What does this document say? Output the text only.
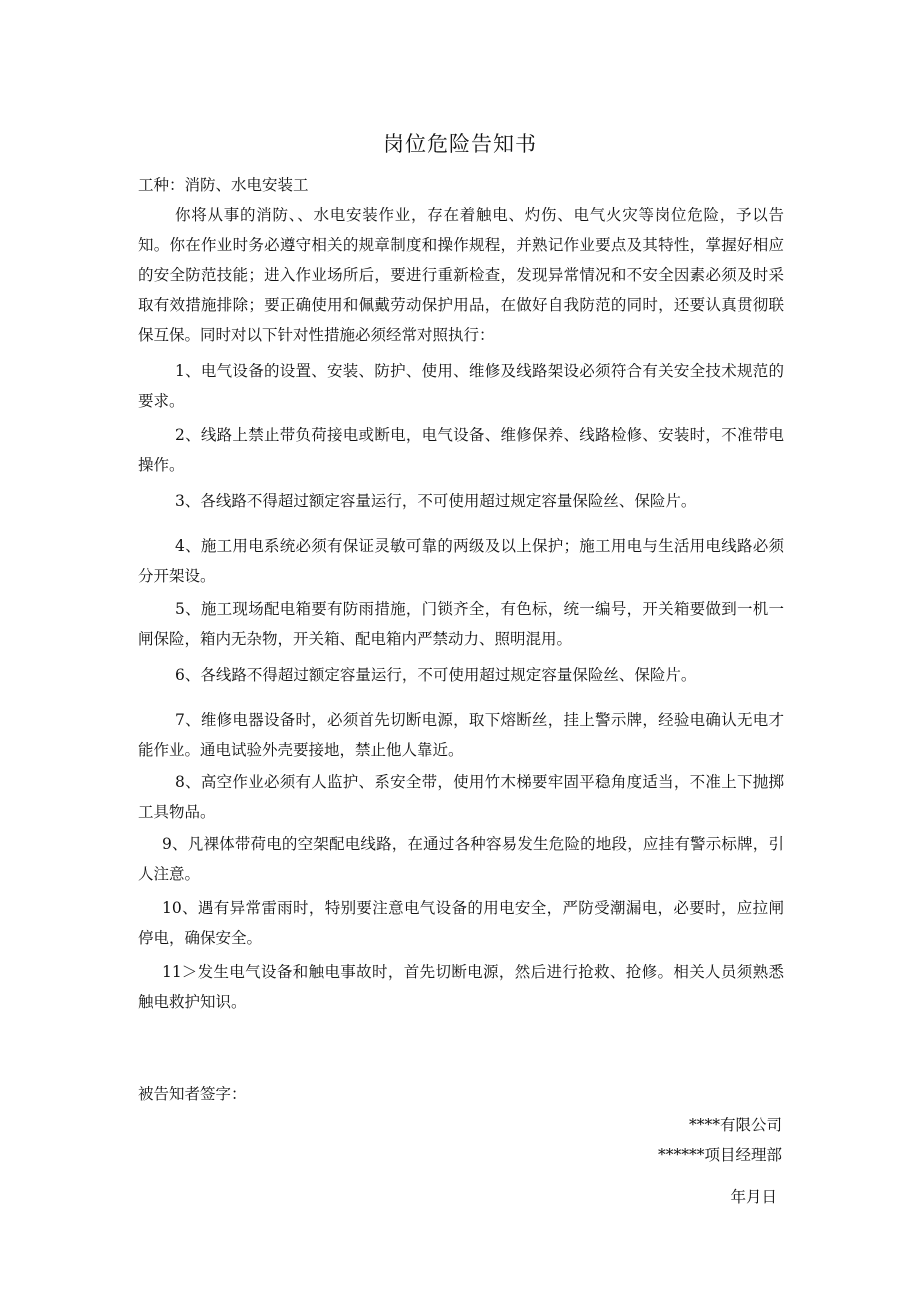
岗位危险告知书

工种：消防、水电安装工

你将从事的消防、、水电安装作业，存在着触电、灼伤、电气火灾等岗位危险，予以告知。你在作业时务必遵守相关的规章制度和操作规程，并熟记作业要点及其特性，掌握好相应的安全防范技能；进入作业场所后，要进行重新检查，发现异常情况和不安全因素必须及时采取有效措施排除；要正确使用和佩戴劳动保护用品，在做好自我防范的同时，还要认真贯彻联保互保。同时对以下针对性措施必须经常对照执行：

1、电气设备的设置、安装、防护、使用、维修及线路架设必须符合有关安全技术规范的要求。

2、线路上禁止带负荷接电或断电，电气设备、维修保养、线路检修、安装时，不准带电操作。

3、各线路不得超过额定容量运行，不可使用超过规定容量保险丝、保险片。

4、施工用电系统必须有保证灵敏可靠的两级及以上保护；施工用电与生活用电线路必须分开架设。

5、施工现场配电箱要有防雨措施，门锁齐全，有色标，统一编号，开关箱要做到一机一闸保险，箱内无杂物，开关箱、配电箱内严禁动力、照明混用。

6、各线路不得超过额定容量运行，不可使用超过规定容量保险丝、保险片。

7、维修电器设备时，必须首先切断电源，取下熔断丝，挂上警示牌，经验电确认无电才能作业。通电试验外壳要接地，禁止他人靠近。

8、高空作业必须有人监护、系安全带，使用竹木梯要牢固平稳角度适当，不准上下抛掷工具物品。

9、凡裸体带荷电的空架配电线路，在通过各种容易发生危险的地段，应挂有警示标牌，引人注意。

10、遇有异常雷雨时，特别要注意电气设备的用电安全，严防受潮漏电，必要时，应拉闸停电，确保安全。

11＞发生电气设备和触电事故时，首先切断电源，然后进行抢救、抢修。相关人员须熟悉触电救护知识。

被告知者签字：

****有限公司

******项目经理部

年月日
